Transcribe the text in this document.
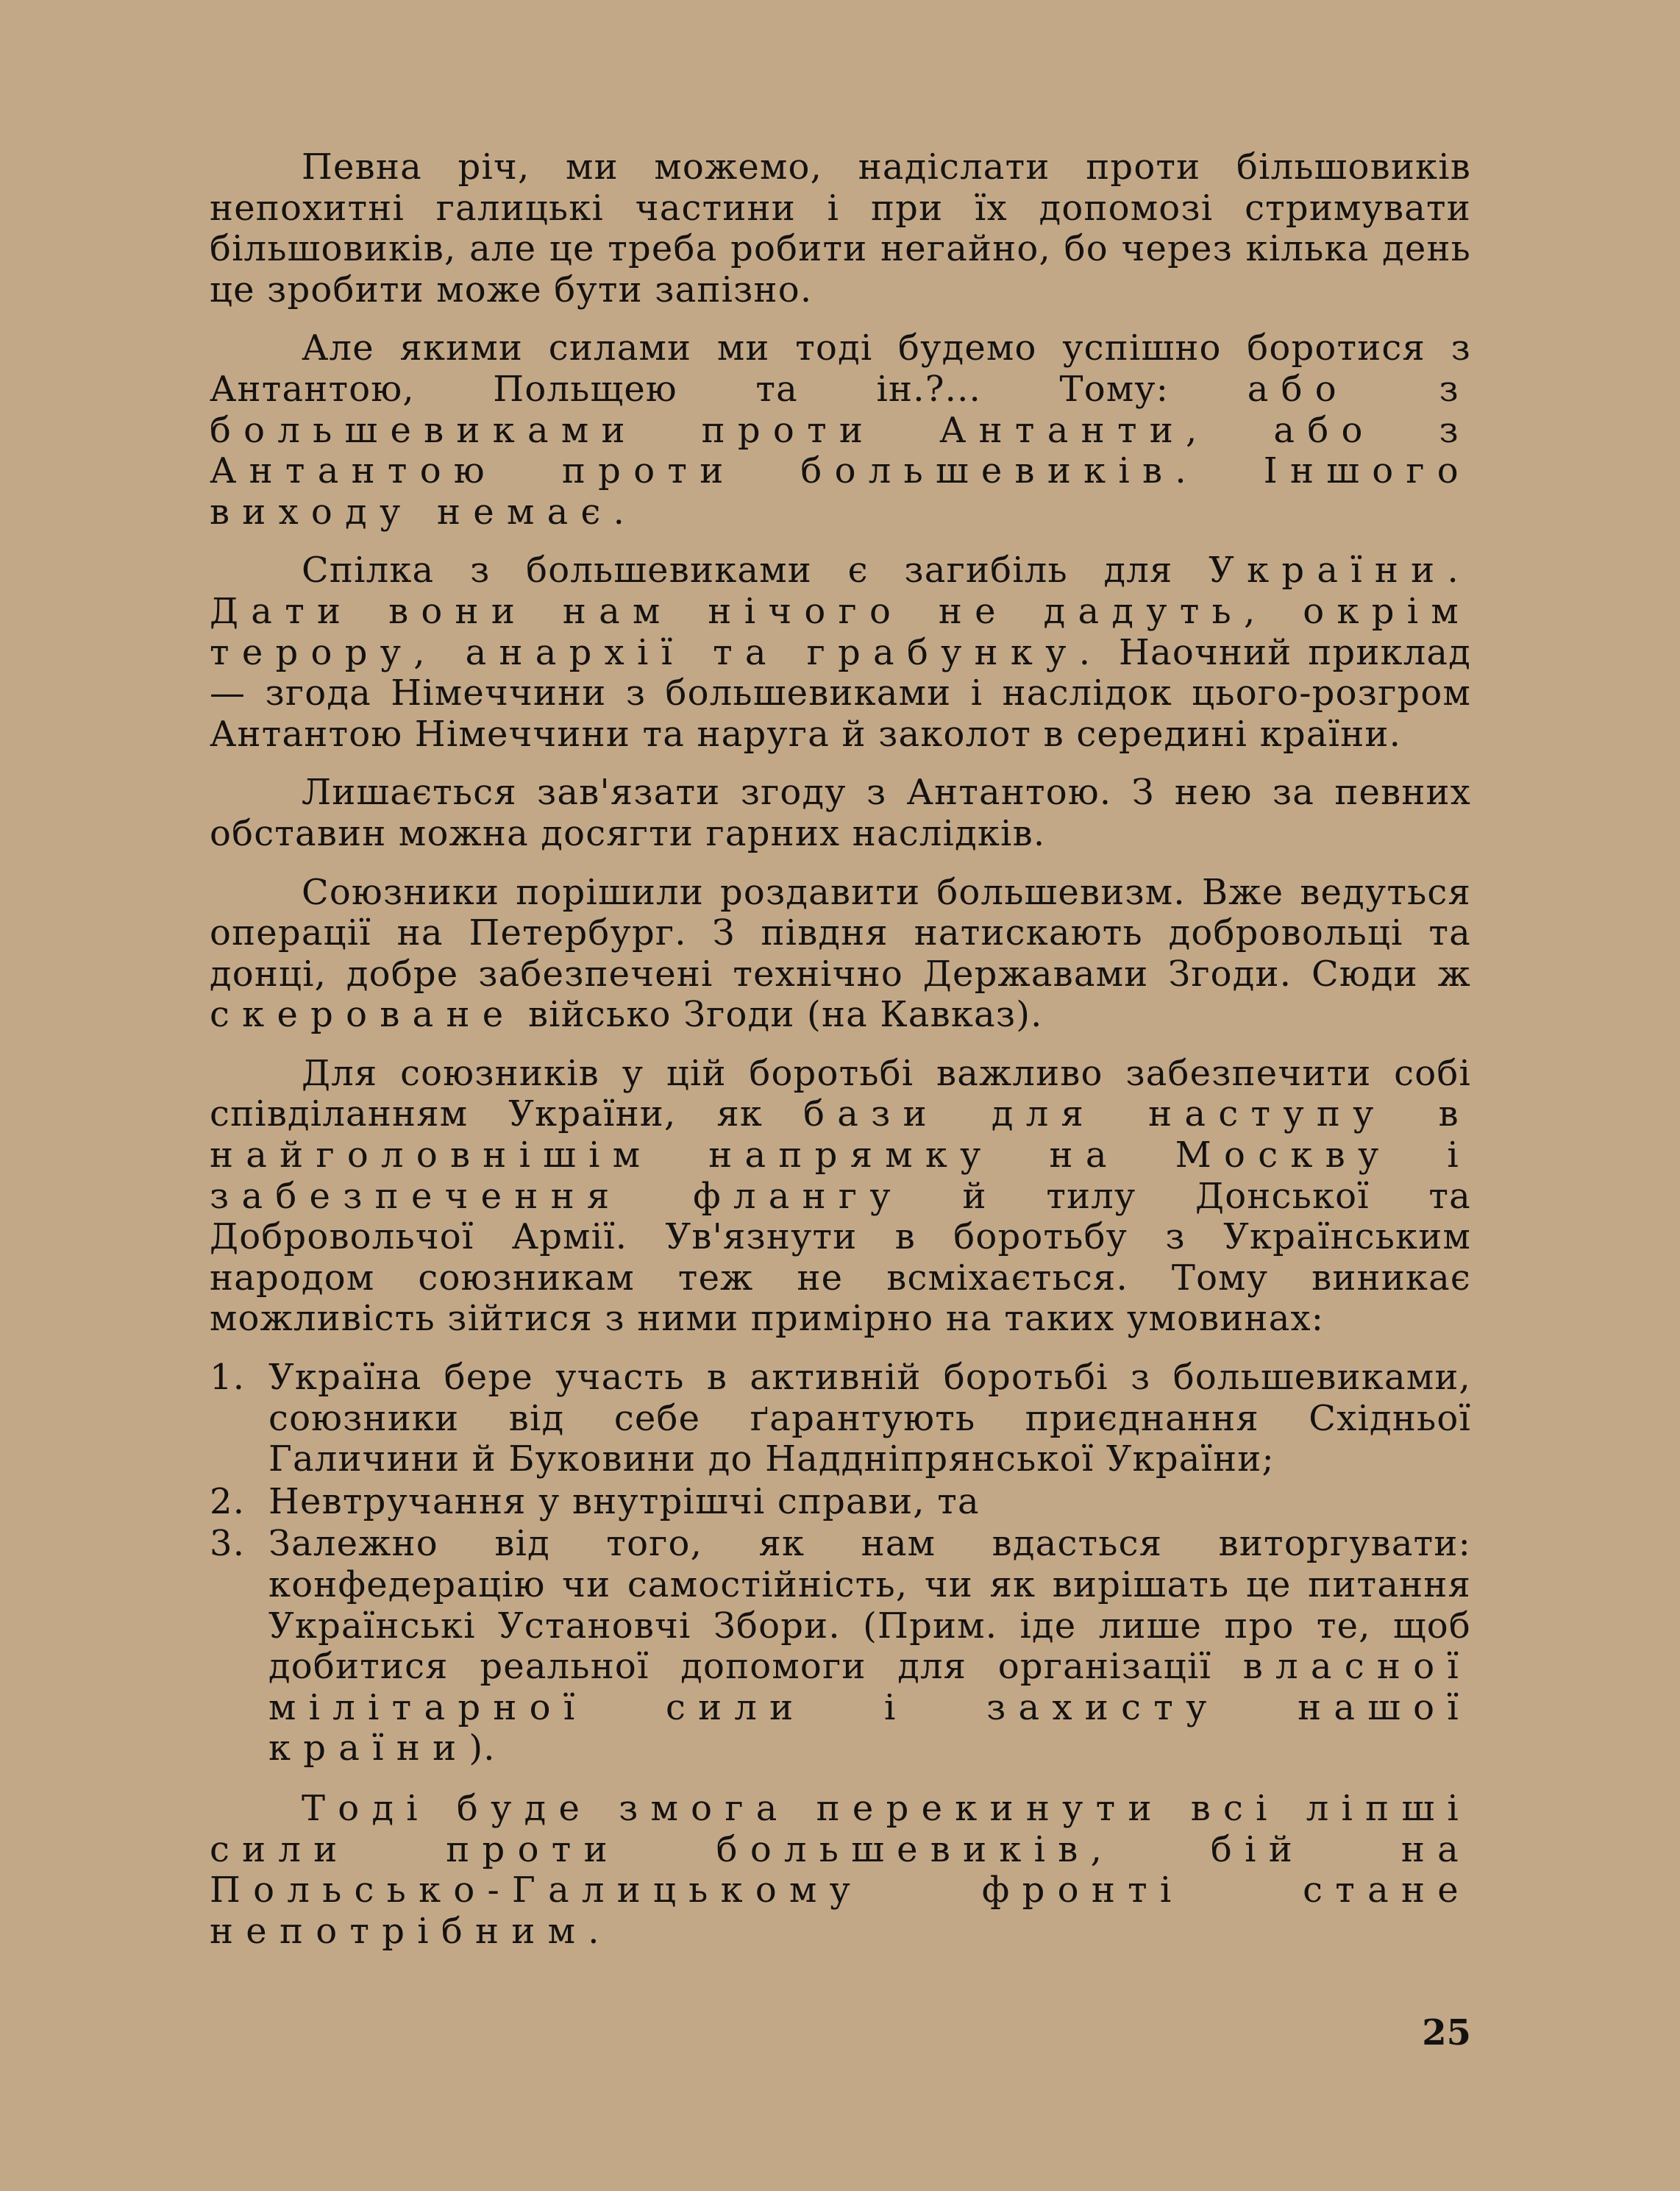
Певна річ, ми можемо, надіслати проти більшовиків непохитні галицькі частини і при їх допомозі стримувати більшовиків, але це треба робити негайно, бо через кілька день це зробити може бути запізно.

Але якими силами ми тоді будемо успішно боротися з Антантою, Польщею та ін.?... Тому: або з большевиками проти Антанти, або з Антантою проти большевиків. Іншого виходу немає.

Спілка з большевиками є загибіль для України. Дати вони нам нічого не дадуть, окрім терору, анархії та грабунку. Наочний приклад — згода Німеччини з большевиками і наслідок цього-розгром Антантою Німеччини та наруга й заколот в середині країни.

Лишається зав'язати згоду з Антантою. З нею за певних обставин можна досягти гарних наслідків.

Союзники порішили роздавити большевизм. Вже ведуться операції на Петербург. З півдня натискають добровольці та донці, добре забезпечені технічно Державами Згоди. Сюди ж скероване військо Згоди (на Кавказ).

Для союзників у цій боротьбі важливо забезпечити собі співділанням України, як бази для наступу в найголовнішім напрямку на Москву і забезпечення флангу й тилу Донської та Добровольчої Армії. Ув'язнути в боротьбу з Українським народом союзникам теж не всміхається. Тому виникає можливість зійтися з ними примірно на таких умовинах:

1. Україна бере участь в активній боротьбі з большевиками, союзники від себе ґарантують приєднання Східньої Галичини й Буковини до Наддніпрянської України;
2. Невтручання у внутрішчі справи, та
3. Залежно від того, як нам вдасться виторгувати: конфедерацію чи самостійність, чи як вирішать це питання Українські Установчі Збори. (Прим. іде лише про те, щоб добитися реальної допомоги для організації власної мілітарної сили і захисту нашої країни).

Тоді буде змога перекинути всі ліпші сили проти большевиків, бій на Польсько-Галицькому фронті стане непотрібним.

25
